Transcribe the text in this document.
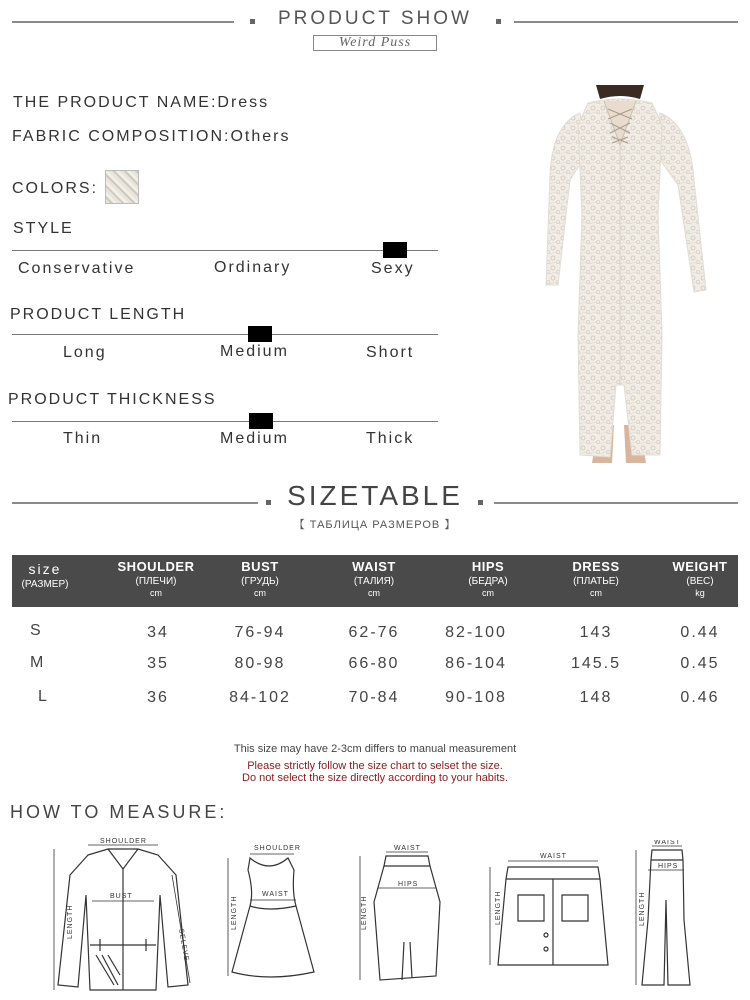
PRODUCT SHOW
Weird Puss
THE PRODUCT NAME:Dress
FABRIC COMPOSITION:Others
COLORS:
STYLE
Conservative	Ordinary	Sexy
PRODUCT LENGTH
Long	Medium	Short
PRODUCT THICKNESS
Thin	Medium	Thick
SIZETABLE
【 ТАБЛИЦА РАЗМЕРОВ 】
size
(РАЗМЕР)
SHOULDER
(ПЛЕЧИ)
cm
BUST
(ГРУДЬ)
cm
WAIST
(ТАЛИЯ)
cm
HIPS
(БЕДРА)
cm
DRESS
(ПЛАТЬЕ)
cm
WEIGHT
(ВЕС)
kg
S	34	76-94	62-76	82-100	143	0.44
M	35	80-98	66-80	86-104	145.5	0.45
L	36	84-102	70-84	90-108	148	0.46
This size may have 2-3cm differs to manual measurement
Please strictly follow the size chart to selset the size.
Do not select the size directly according to your habits.
HOW TO MEASURE:
SHOULDER
BUST
LENGTH
SELEVE
SHOULDER
WAIST
LENGTH
WAIST
HIPS
LENGTH
WAIST
LENGTH
WAIST
HIPS
LENGTH
